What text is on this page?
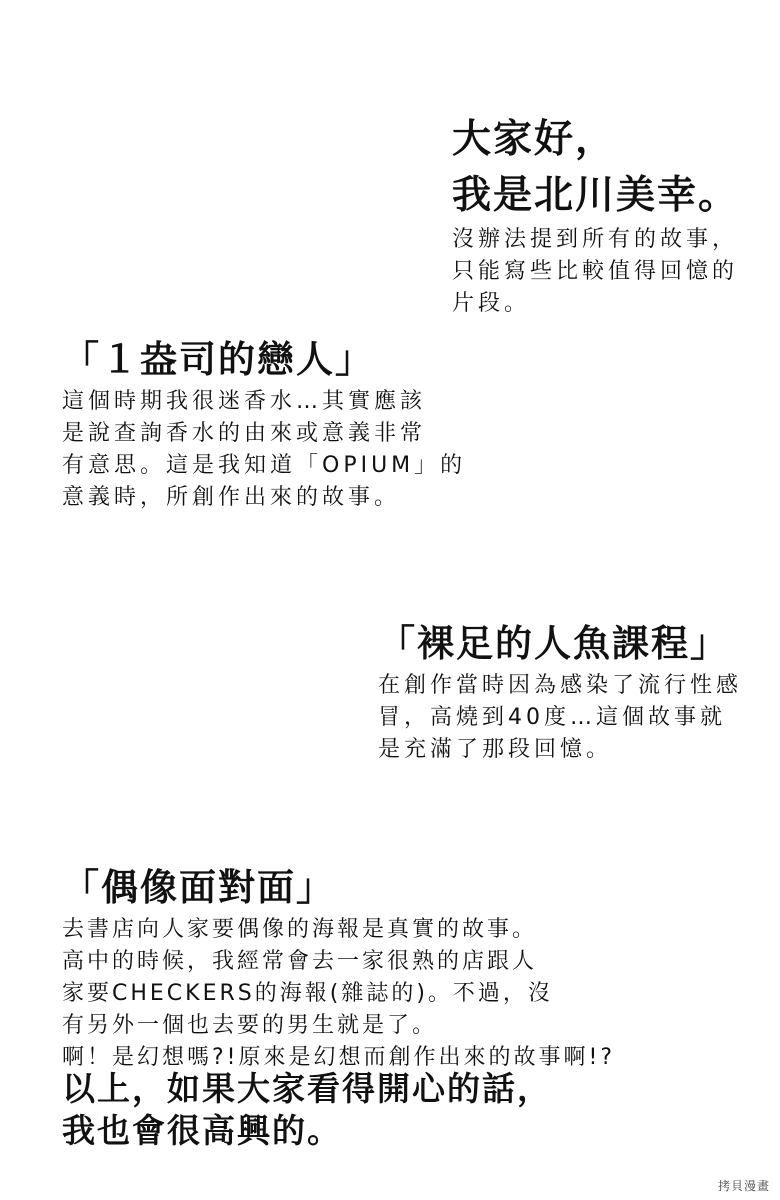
大家好，
我是北川美幸。
沒辦法提到所有的故事，
只能寫些比較值得回憶的
片段。
「１盎司的戀人」
這個時期我很迷香水…其實應該
是說查詢香水的由來或意義非常
有意思。這是我知道「OPIUM」的
意義時，所創作出來的故事。
「裸足的人魚課程」
在創作當時因為感染了流行性感
冒，高燒到40度…這個故事就
是充滿了那段回憶。
「偶像面對面」
去書店向人家要偶像的海報是真實的故事。
高中的時候，我經常會去一家很熟的店跟人
家要CHECKERS的海報(雜誌的)。不過，沒
有另外一個也去要的男生就是了。
啊！是幻想嗎?!原來是幻想而創作出來的故事啊!?
以上，如果大家看得開心的話，
我也會很高興的。
拷貝漫畫
